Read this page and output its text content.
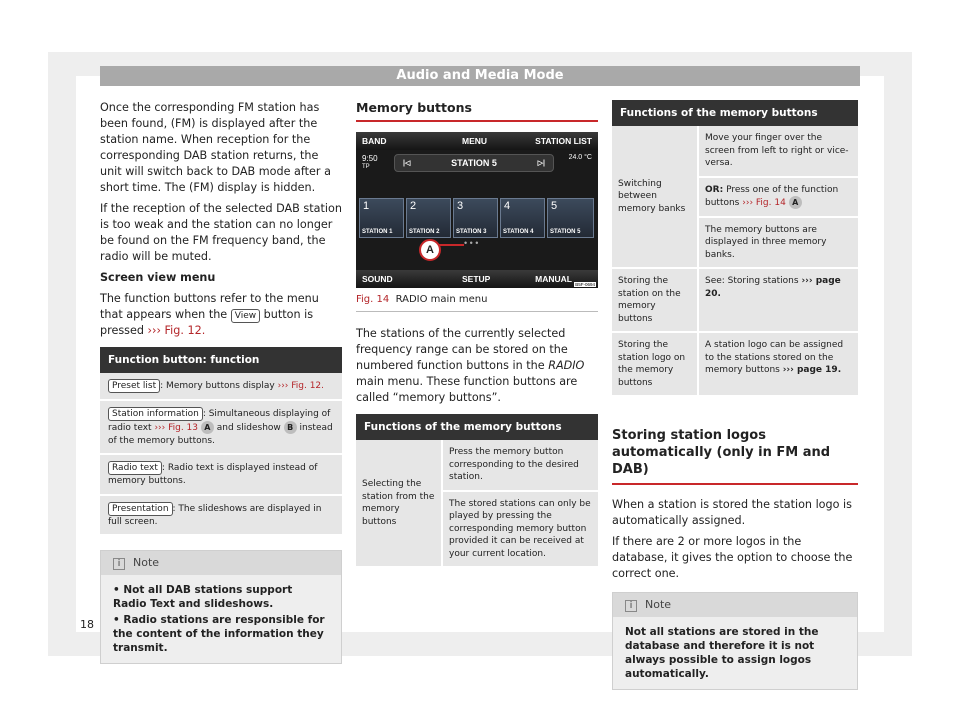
Once the corresponding FM station has been found, (FM) is displayed after the station name. When reception for the corresponding DAB station returns, the unit will switch back to DAB mode after a short time. The (FM) display is hidden.

If the reception of the selected DAB station is too weak and the station can no longer be found on the FM frequency band, the radio will be muted.

Screen view menu

The function buttons refer to the menu that appears when the View button is pressed ››› Fig. 12.

Function button: function
Preset list : Memory buttons display ››› Fig. 12.
Station information : Simultaneous displaying of radio text ››› Fig. 13 A and slideshow B instead of the memory buttons.
Radio text : Radio text is displayed instead of memory buttons.
Presentation : The slideshows are displayed in full screen.
i Note

• Not all DAB stations support Radio Text and slideshows.

• Radio stations are responsible for the content of the information they transmit.

Memory buttons
BAND	MENU	STATION LIST
9:50
TP	|◁	STATION 5	▷|
24.0 °C
1
STATION 1
2
STATION 2
3
STATION 3
4
STATION 4
5
STATION 5
A
• • •
SOUND	SETUP	MANUAL
B5F-0694
Fig. 14 RADIO main menu

The stations of the currently selected frequency range can be stored on the numbered function buttons in the RADIO main menu. These function buttons are called “memory buttons”.

Functions of the memory buttons
Selecting the station from the memory buttons	Press the memory button corresponding to the desired station.
The stored stations can only be played by pressing the corresponding memory button provided it can be received at your current location.
Functions of the memory buttons
Switching between memory banks	Move your finger over the screen from left to right or vice-versa.
	OR: Press one of the function buttons ››› Fig. 14 A
	The memory buttons are displayed in three memory banks.
Storing the station on the memory buttons	See: Storing stations ››› page 20.
Storing the station logo on the memory buttons	A station logo can be assigned to the stations stored on the memory buttons ››› page 19.
Storing station logos automatically (only in FM and DAB)

When a station is stored the station logo is automatically assigned.

If there are 2 or more logos in the database, it gives the option to choose the correct one.

i Note
Not all stations are stored in the database and therefore it is not always possible to assign logos automatically.
18
Audio and Media Mode
